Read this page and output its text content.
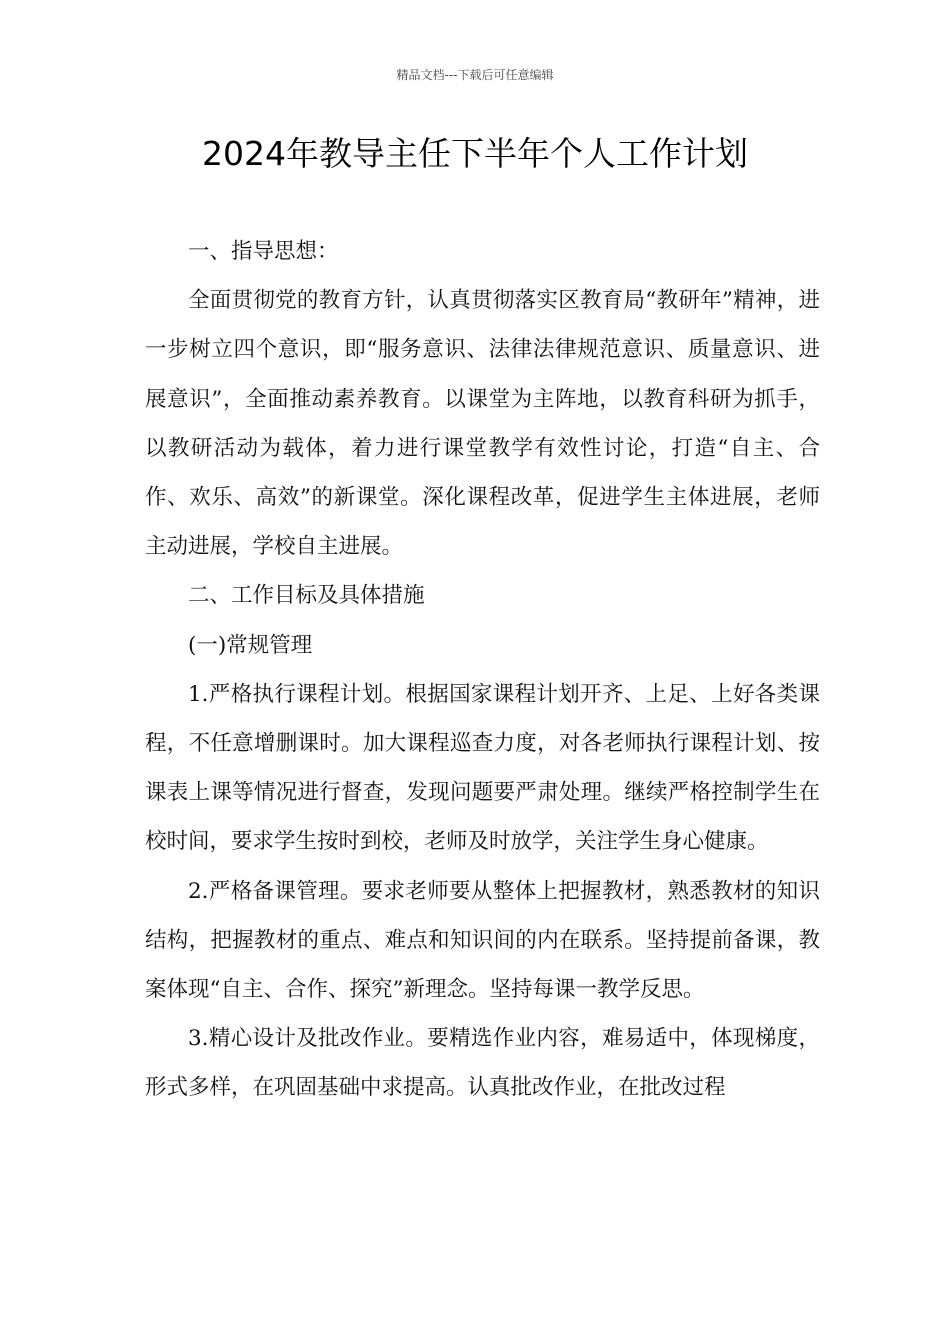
精品文档---下载后可任意编辑
2024年教导主任下半年个人工作计划

一、指导思想：

全面贯彻党的教育方针，认真贯彻落实区教育局“教研年”精神，进一步树立四个意识，即“服务意识、法律法律规范意识、质量意识、进展意识”，全面推动素养教育。以课堂为主阵地，以教育科研为抓手，以教研活动为载体，着力进行课堂教学有效性讨论，打造“自主、合作、欢乐、高效”的新课堂。深化课程改革，促进学生主体进展，老师主动进展，学校自主进展。

二、工作目标及具体措施

(一)常规管理

1.严格执行课程计划。根据国家课程计划开齐、上足、上好各类课程，不任意增删课时。加大课程巡查力度，对各老师执行课程计划、按课表上课等情况进行督查，发现问题要严肃处理。继续严格控制学生在校时间，要求学生按时到校，老师及时放学，关注学生身心健康。

2.严格备课管理。要求老师要从整体上把握教材，熟悉教材的知识结构，把握教材的重点、难点和知识间的内在联系。坚持提前备课，教案体现“自主、合作、探究”新理念。坚持每课一教学反思。

3.精心设计及批改作业。要精选作业内容，难易适中，体现梯度，形式多样，在巩固基础中求提高。认真批改作业，在批改过程
